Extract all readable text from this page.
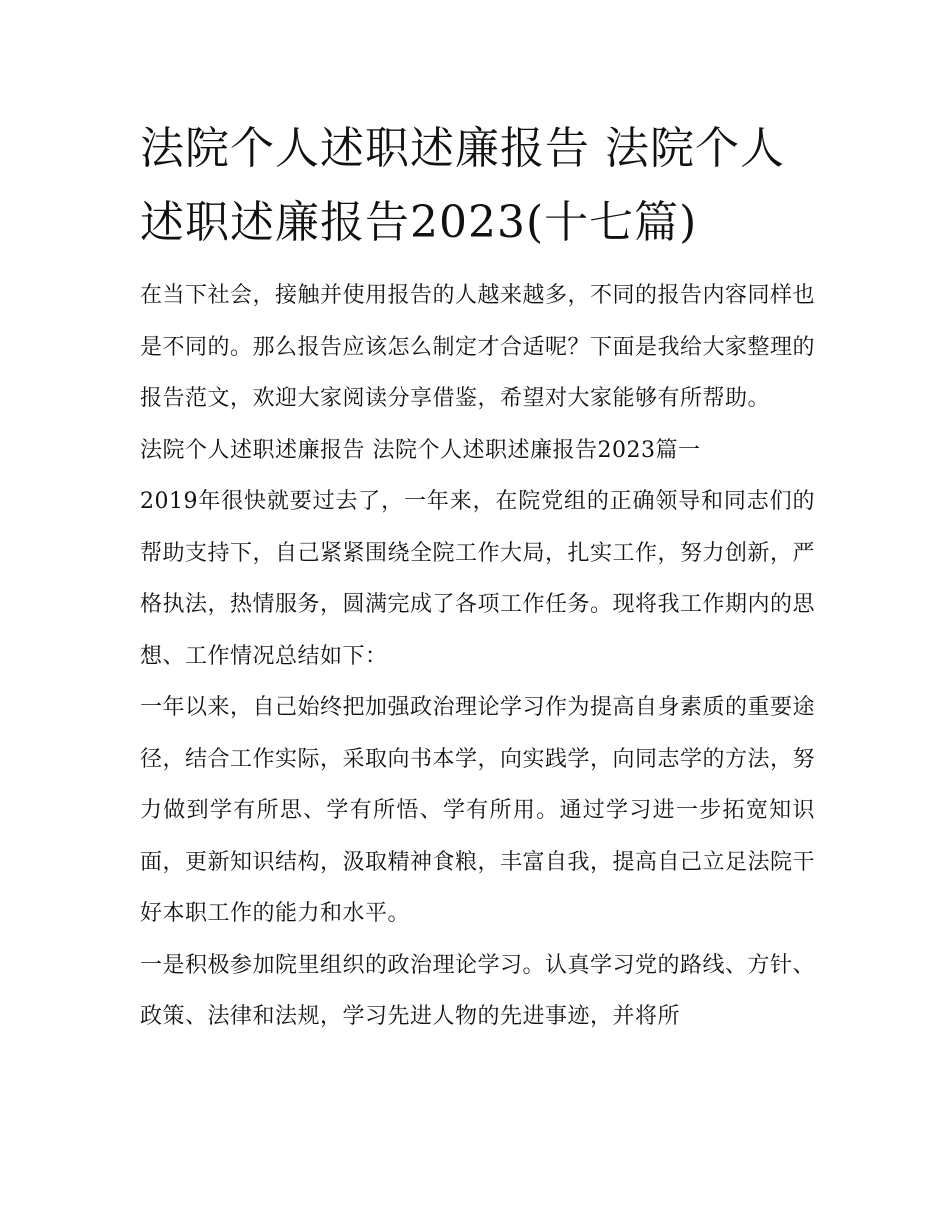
法院个人述职述廉报告 法院个人述职述廉报告2023(十七篇)

在当下社会，接触并使用报告的人越来越多，不同的报告内容同样也是不同的。那么报告应该怎么制定才合适呢？下面是我给大家整理的报告范文，欢迎大家阅读分享借鉴，希望对大家能够有所帮助。

法院个人述职述廉报告 法院个人述职述廉报告2023篇一

2019年很快就要过去了，一年来，在院党组的正确领导和同志们的帮助支持下，自己紧紧围绕全院工作大局，扎实工作，努力创新，严格执法，热情服务，圆满完成了各项工作任务。现将我工作期内的思想、工作情况总结如下：

一年以来，自己始终把加强政治理论学习作为提高自身素质的重要途径，结合工作实际，采取向书本学，向实践学，向同志学的方法，努力做到学有所思、学有所悟、学有所用。通过学习进一步拓宽知识面，更新知识结构，汲取精神食粮，丰富自我，提高自己立足法院干好本职工作的能力和水平。

一是积极参加院里组织的政治理论学习。认真学习党的路线、方针、政策、法律和法规，学习先进人物的先进事迹，并将所
